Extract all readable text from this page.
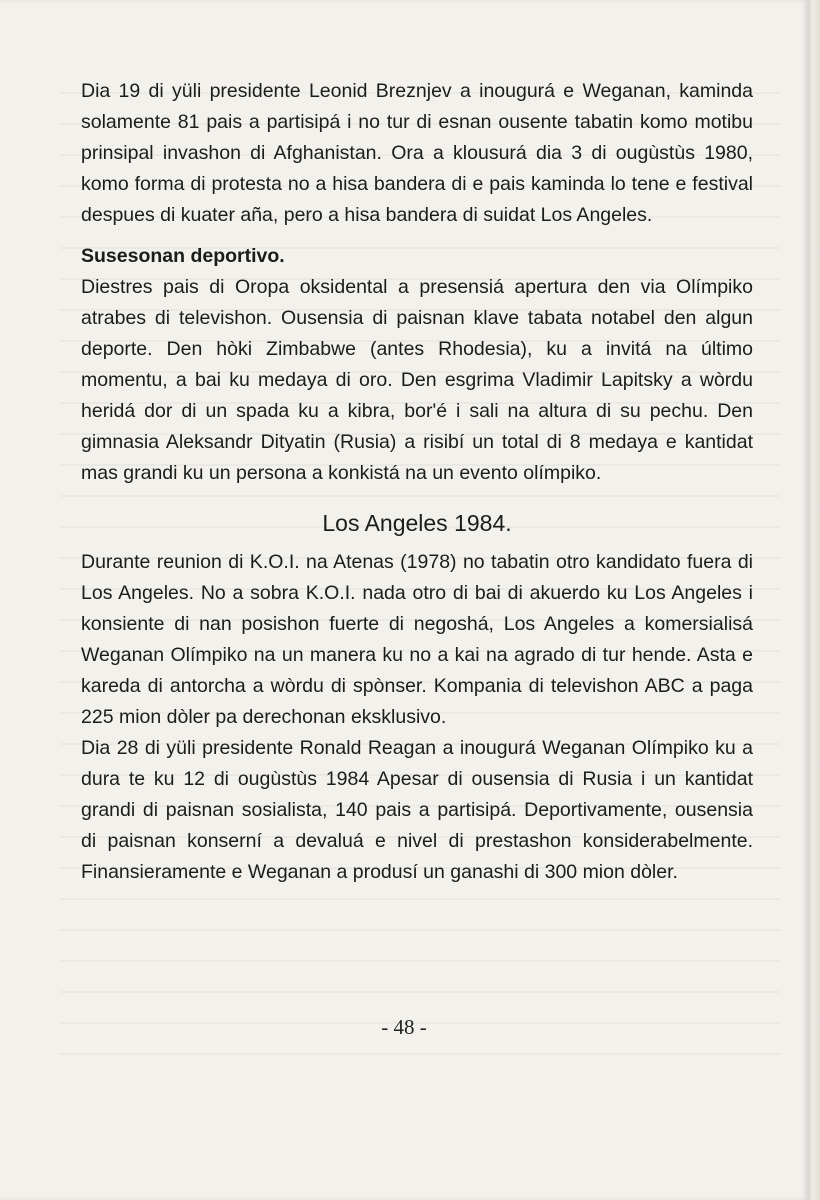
Dia 19 di yüli presidente Leonid Breznjev a inougurá e Weganan, kaminda solamente 81 pais a partisipá i no tur di esnan ousente tabatin komo motibu prinsipal invashon di Afghanistan. Ora a klousurá dia 3 di ougùstùs 1980, komo forma di protesta no a hisa bandera di e pais kaminda lo tene e festival despues di kuater aña, pero a hisa bandera di suidat Los Angeles.

Susesonan deportivo.

Diestres pais di Oropa oksidental a presensiá apertura den via Olímpiko atrabes di televishon. Ousensia di paisnan klave tabata notabel den algun deporte. Den hòki Zimbabwe (antes Rhodesia), ku a invitá na último momentu, a bai ku medaya di oro. Den esgrima Vladimir Lapitsky a wòrdu heridá dor di un spada ku a kibra, bor'é i sali na altura di su pechu. Den gimnasia Aleksandr Dityatin (Rusia) a risibí un total di 8 medaya e kantidat mas grandi ku un persona a konkistá na un evento olímpiko.

Los Angeles 1984.

Durante reunion di K.O.I. na Atenas (1978) no tabatin otro kandidato fuera di Los Angeles. No a sobra K.O.I. nada otro di bai di akuerdo ku Los Angeles i konsiente di nan posishon fuerte di negoshá, Los Angeles a komersialisá Weganan Olímpiko na un manera ku no a kai na agrado di tur hende. Asta e kareda di antorcha a wòrdu di spònser. Kompania di televishon ABC a paga 225 mion dòler pa derechonan eksklusivo.

Dia 28 di yüli presidente Ronald Reagan a inougurá Weganan Olímpiko ku a dura te ku 12 di ougùstùs 1984 Apesar di ousensia di Rusia i un kantidat grandi di paisnan sosialista, 140 pais a partisipá. Deportivamente, ousensia di paisnan konserní a devaluá e nivel di prestashon konsiderabelmente. Finansieramente e Weganan a produsí un ganashi di 300 mion dòler.

- 48 -
